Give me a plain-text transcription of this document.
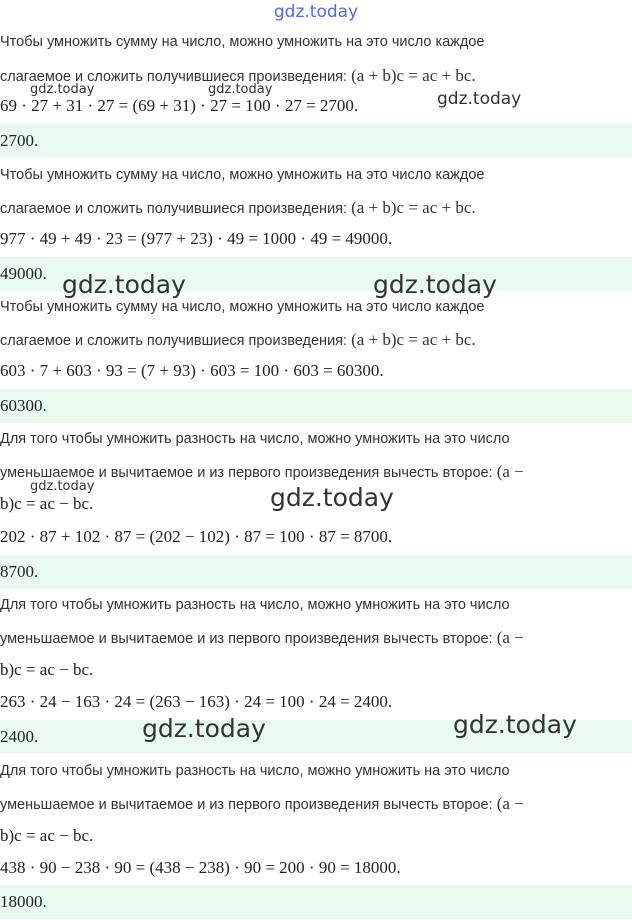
gdz.today
Чтобы умножить сумму на число, можно умножить на это число каждое
слагаемое и сложить получившиеся произведения: (a + b)c = ac + bc.
69 · 27 + 31 · 27 = (69 + 31) · 27 = 100 · 27 = 2700.
2700.
Чтобы умножить сумму на число, можно умножить на это число каждое
слагаемое и сложить получившиеся произведения: (a + b)c = ac + bc.
977 · 49 + 49 · 23 = (977 + 23) · 49 = 1000 · 49 = 49000.
49000.
Чтобы умножить сумму на число, можно умножить на это число каждое
слагаемое и сложить получившиеся произведения: (a + b)c = ac + bc.
603 · 7 + 603 · 93 = (7 + 93) · 603 = 100 · 603 = 60300.
60300.
Для того чтобы умножить разность на число, можно умножить на это число
уменьшаемое и вычитаемое и из первого произведения вычесть второе: (a −
b)c = ac − bc.
202 · 87 + 102 · 87 = (202 − 102) · 87 = 100 · 87 = 8700.
8700.
Для того чтобы умножить разность на число, можно умножить на это число
уменьшаемое и вычитаемое и из первого произведения вычесть второе: (a −
b)c = ac − bc.
263 · 24 − 163 · 24 = (263 − 163) · 24 = 100 · 24 = 2400.
2400.
Для того чтобы умножить разность на число, можно умножить на это число
уменьшаемое и вычитаемое и из первого произведения вычесть второе: (a −
b)c = ac − bc.
438 · 90 − 238 · 90 = (438 − 238) · 90 = 200 · 90 = 18000.
18000.
gdz.today	gdz.today	gdz.today
gdz.today	gdz.today
gdz.today	gdz.today
gdz.today	gdz.today
